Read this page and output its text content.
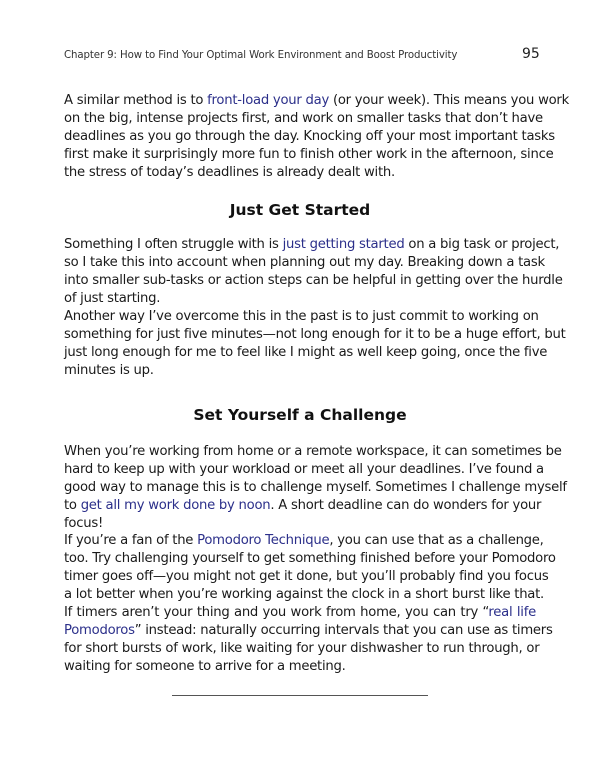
Chapter 9: How to Find Your Optimal Work Environment and Boost Productivity	95
A similar method is to front-load your day (or your week). This means you work
on the big, intense projects first, and work on smaller tasks that don’t have
deadlines as you go through the day. Knocking off your most important tasks
first make it surprisingly more fun to finish other work in the afternoon, since
the stress of today’s deadlines is already dealt with.
Just Get Started
Something I often struggle with is just getting started on a big task or project,
so I take this into account when planning out my day. Breaking down a task
into smaller sub-tasks or action steps can be helpful in getting over the hurdle
of just starting.
Another way I’ve overcome this in the past is to just commit to working on
something for just five minutes—not long enough for it to be a huge effort, but
just long enough for me to feel like I might as well keep going, once the five
minutes is up.
Set Yourself a Challenge
When you’re working from home or a remote workspace, it can sometimes be
hard to keep up with your workload or meet all your deadlines. I’ve found a
good way to manage this is to challenge myself. Sometimes I challenge myself
to get all my work done by noon. A short deadline can do wonders for your
focus!
If you’re a fan of the Pomodoro Technique, you can use that as a challenge,
too. Try challenging yourself to get something finished before your Pomodoro
timer goes off—you might not get it done, but you’ll probably find you focus
a lot better when you’re working against the clock in a short burst like that.
If timers aren’t your thing and you work from home, you can try “real life
Pomodoros” instead: naturally occurring intervals that you can use as timers
for short bursts of work, like waiting for your dishwasher to run through, or
waiting for someone to arrive for a meeting.
